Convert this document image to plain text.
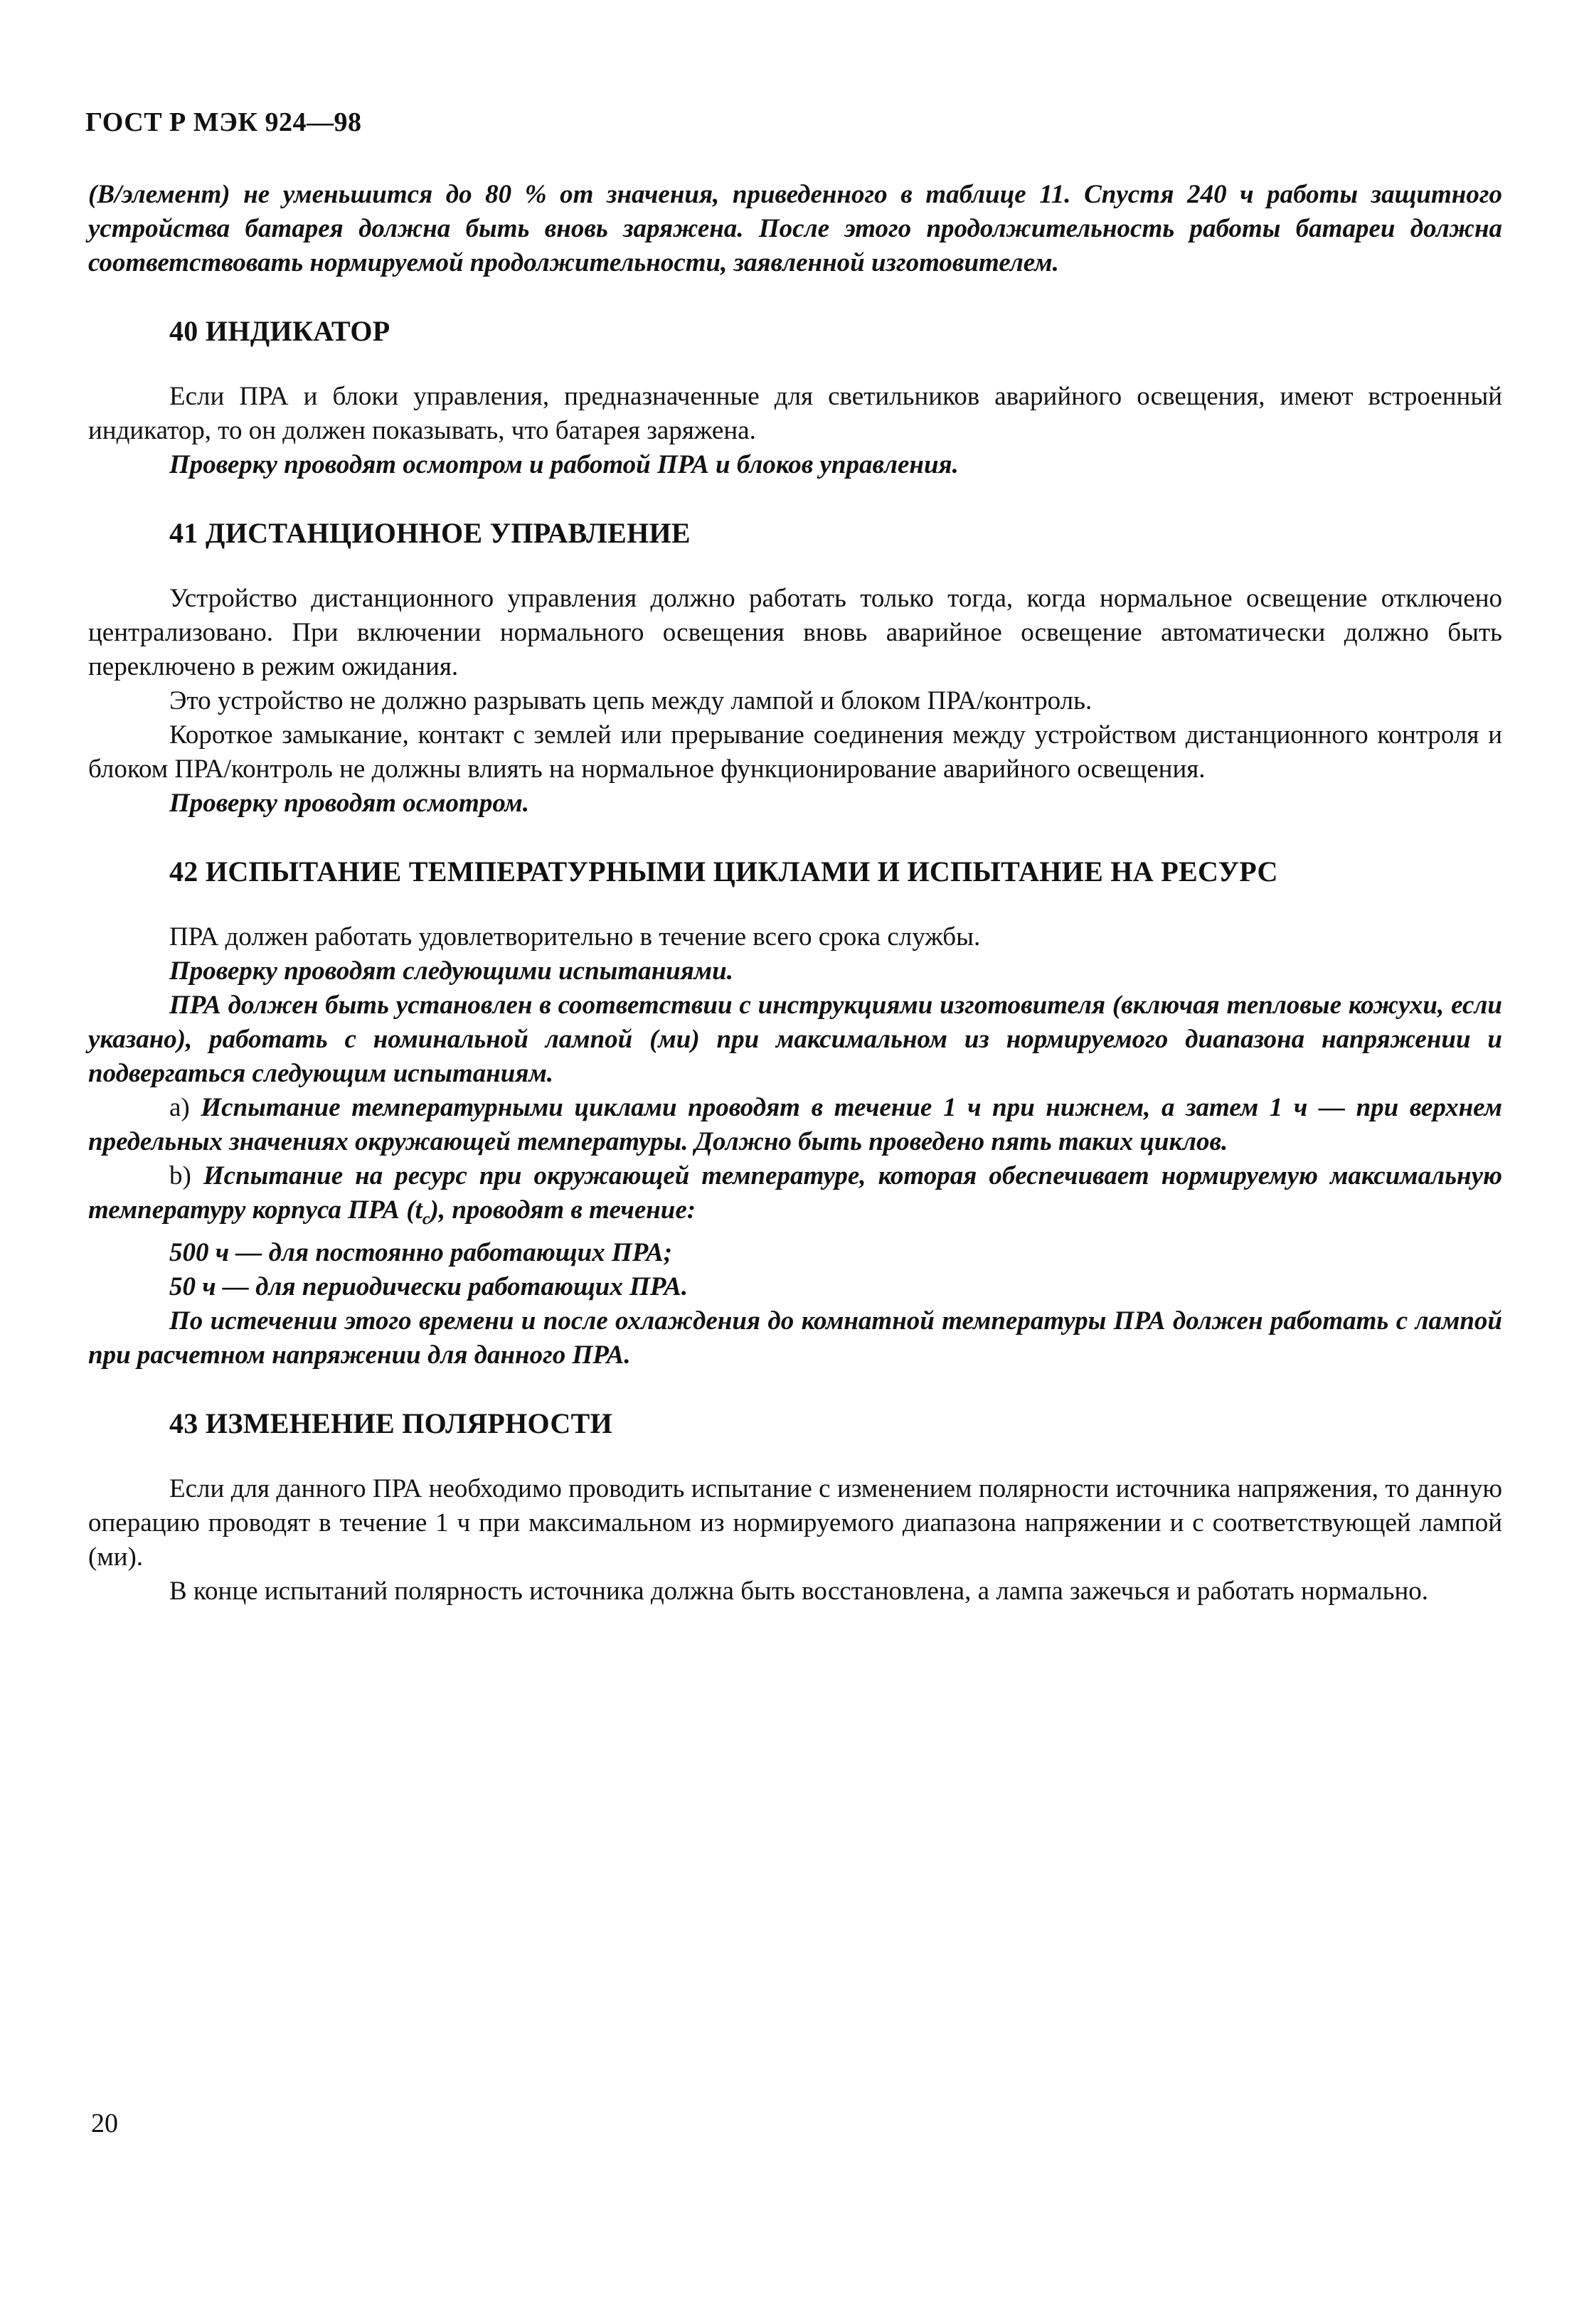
ГОСТ Р МЭК 924—98

(В/элемент) не уменьшится до 80 % от значения, приведенного в таблице 11. Спустя 240 ч работы защитного устройства батарея должна быть вновь заряжена. После этого продолжительность работы батареи должна соответствовать нормируемой продолжительности, заявленной изготовителем.

40 ИНДИКАТОР

Если ПРА и блоки управления, предназначенные для светильников аварийного освещения, имеют встроенный индикатор, то он должен показывать, что батарея заряжена.

Проверку проводят осмотром и работой ПРА и блоков управления.

41 ДИСТАНЦИОННОЕ УПРАВЛЕНИЕ

Устройство дистанционного управления должно работать только тогда, когда нормальное освещение отключено централизовано. При включении нормального освещения вновь аварийное освещение автоматически должно быть переключено в режим ожидания.

Это устройство не должно разрывать цепь между лампой и блоком ПРА/контроль.

Короткое замыкание, контакт с землей или прерывание соединения между устройством дистанционного контроля и блоком ПРА/контроль не должны влиять на нормальное функционирование аварийного освещения.

Проверку проводят осмотром.

42 ИСПЫТАНИЕ ТЕМПЕРАТУРНЫМИ ЦИКЛАМИ И ИСПЫТАНИЕ НА РЕСУРС

ПРА должен работать удовлетворительно в течение всего срока службы.

Проверку проводят следующими испытаниями.

ПРА должен быть установлен в соответствии с инструкциями изготовителя (включая тепловые кожухи, если указано), работать с номинальной лампой (ми) при максимальном из нормируемого диапазона напряжении и подвергаться следующим испытаниям.

а) Испытание температурными циклами проводят в течение 1 ч при нижнем, а затем 1 ч — при верхнем предельных значениях окружающей температуры. Должно быть проведено пять таких циклов.

b) Испытание на ресурс при окружающей температуре, которая обеспечивает нормируемую максимальную температуру корпуса ПРА $(t_c)$, проводят в течение:

500 ч — для постоянно работающих ПРА;

50 ч — для периодически работающих ПРА.

По истечении этого времени и после охлаждения до комнатной температуры ПРА должен работать с лампой при расчетном напряжении для данного ПРА.

43 ИЗМЕНЕНИЕ ПОЛЯРНОСТИ

Если для данного ПРА необходимо проводить испытание с изменением полярности источника напряжения, то данную операцию проводят в течение 1 ч при максимальном из нормируемого диапазона напряжении и с соответствующей лампой (ми).

В конце испытаний полярность источника должна быть восстановлена, а лампа зажечься и работать нормально.

20
